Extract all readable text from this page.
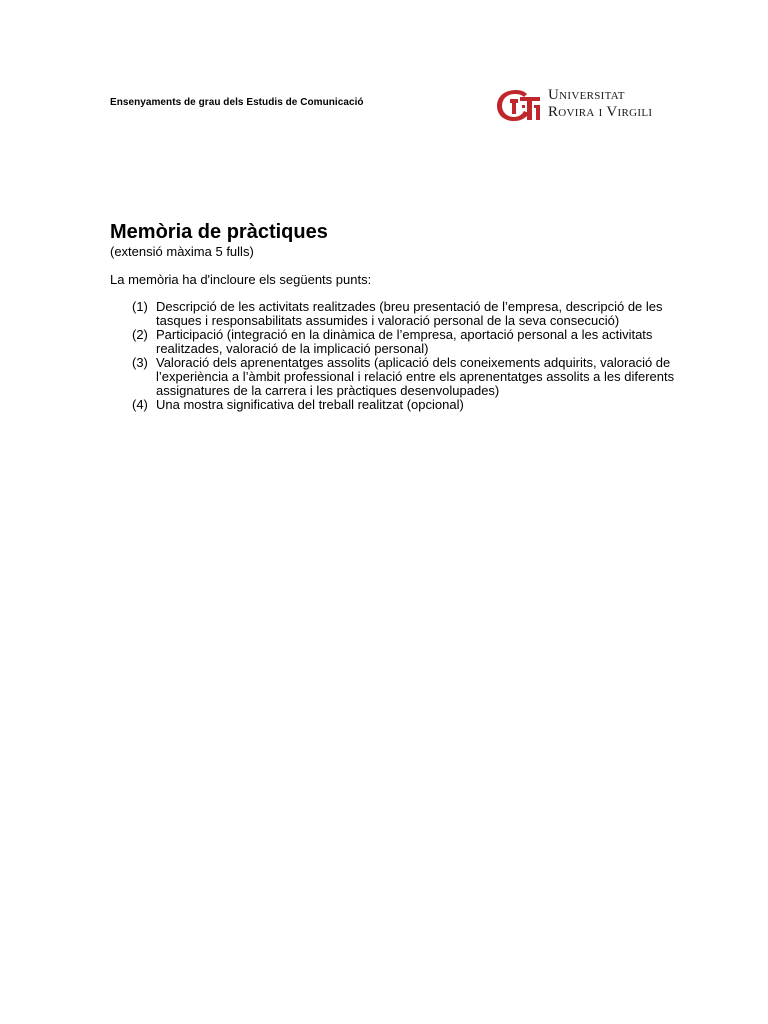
Ensenyaments de grau dels Estudis de Comunicació	Universitat
Rovira i Virgili
Memòria de pràctiques
(extensió màxima 5 fulls)
La memòria ha d'incloure els següents punts:
(1) Descripció de les activitats realitzades (breu presentació de l’empresa, descripció de les tasques i responsabilitats assumides i valoració personal de la seva consecució)
(2) Participació (integració en la dinàmica de l’empresa, aportació personal a les activitats realitzades, valoració de la implicació personal)
(3) Valoració dels aprenentatges assolits (aplicació dels coneixements adquirits, valoració de l’experiència a l’àmbit professional i relació entre els aprenentatges assolits a les diferents assignatures de la carrera i les pràctiques desenvolupades)
(4) Una mostra significativa del treball realitzat (opcional)
